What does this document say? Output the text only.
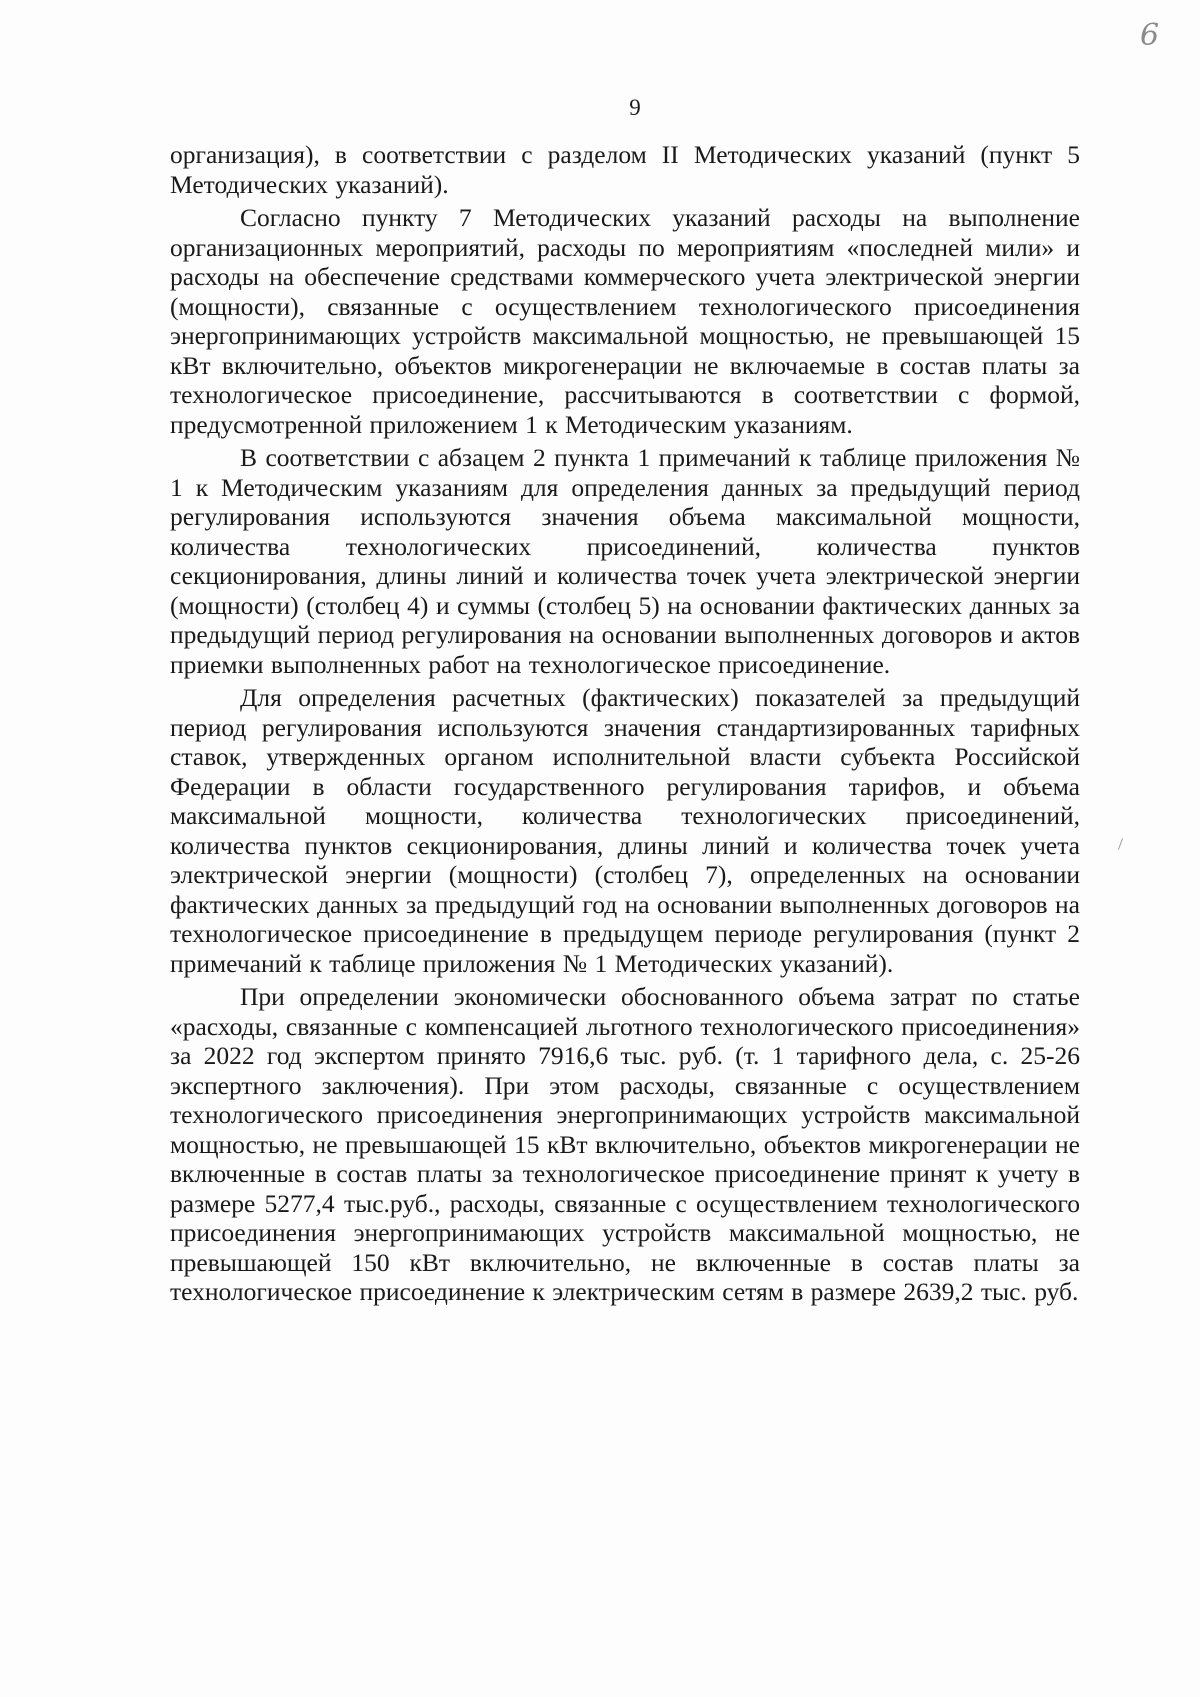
6
9

организация), в соответствии с разделом II Методических указаний (пункт 5 Методических указаний).

Согласно пункту 7 Методических указаний расходы на выполнение организационных мероприятий, расходы по мероприятиям «последней мили» и расходы на обеспечение средствами коммерческого учета электрической энергии (мощности), связанные с осуществлением технологического присоединения энергопринимающих устройств максимальной мощностью, не превышающей 15 кВт включительно, объектов микрогенерации не включаемые в состав платы за технологическое присоединение, рассчитываются в соответствии с формой, предусмотренной приложением 1 к Методическим указаниям.

В соответствии с абзацем 2 пункта 1 примечаний к таблице приложения № 1 к Методическим указаниям для определения данных за предыдущий период регулирования используются значения объема максимальной мощности, количества технологических присоединений, количества пунктов секционирования, длины линий и количества точек учета электрической энергии (мощности) (столбец 4) и суммы (столбец 5) на основании фактических данных за предыдущий период регулирования на основании выполненных договоров и актов приемки выполненных работ на технологическое присоединение.

Для определения расчетных (фактических) показателей за предыдущий период регулирования используются значения стандартизированных тарифных ставок, утвержденных органом исполнительной власти субъекта Российской Федерации в области государственного регулирования тарифов, и объема максимальной мощности, количества технологических присоединений, количества пунктов секционирования, длины линий и количества точек учета электрической энергии (мощности) (столбец 7), определенных на основании фактических данных за предыдущий год на основании выполненных договоров на технологическое присоединение в предыдущем периоде регулирования (пункт 2 примечаний к таблице приложения № 1 Методических указаний).

При определении экономически обоснованного объема затрат по статье «расходы, связанные с компенсацией льготного технологического присоединения» за 2022 год экспертом принято 7916,6 тыс. руб. (т. 1 тарифного дела, с. 25-26 экспертного заключения). При этом расходы, связанные с осуществлением технологического присоединения энергопринимающих устройств максимальной мощностью, не превышающей 15 кВт включительно, объектов микрогенерации не включенные в состав платы за технологическое присоединение принят к учету в размере 5277,4 тыс.руб., расходы, связанные с осуществлением технологического присоединения энергопринимающих устройств максимальной мощностью, не превышающей 150 кВт включительно, не включенные в состав платы за технологическое присоединение к электрическим сетям в размере 2639,2 тыс. руб.
